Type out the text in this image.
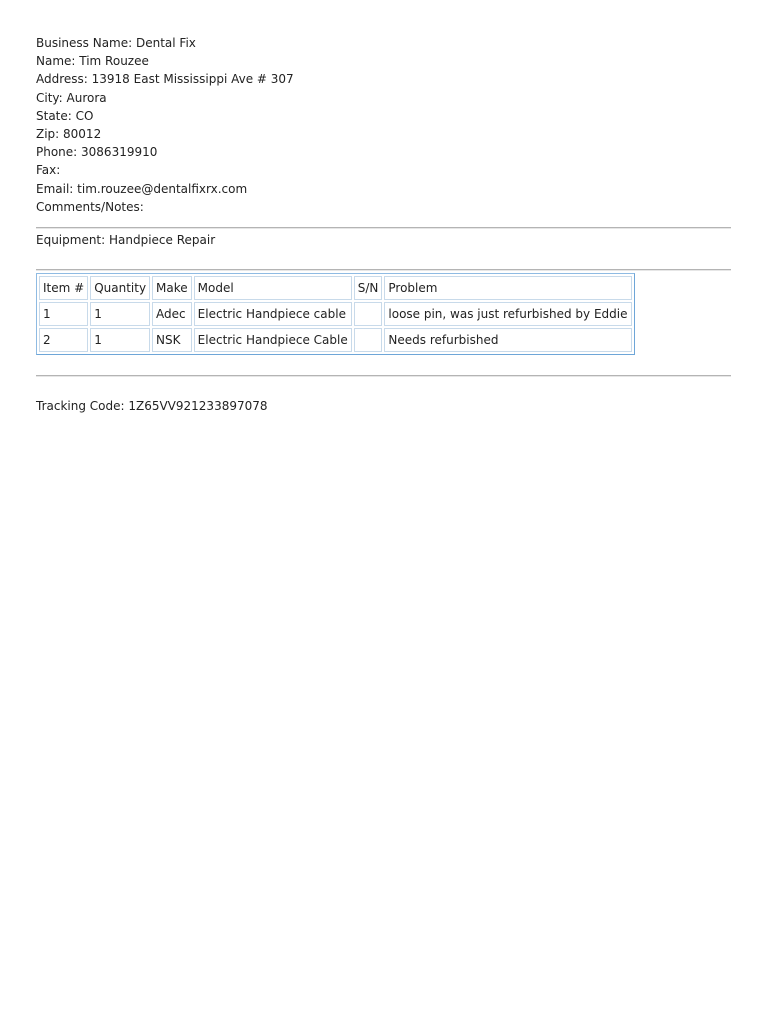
Business Name: Dental Fix
Name: Tim Rouzee
Address: 13918 East Mississippi Ave # 307
City: Aurora
State: CO
Zip: 80012
Phone: 3086319910
Fax:
Email: tim.rouzee@dentalfixrx.com
Comments/Notes:
Equipment: Handpiece Repair
Item #	Quantity	Make	Model	S/N	Problem
1	1	Adec	Electric Handpiece cable		loose pin, was just refurbished by Eddie
2	1	NSK	Electric Handpiece Cable		Needs refurbished
Tracking Code: 1Z65VV921233897078
